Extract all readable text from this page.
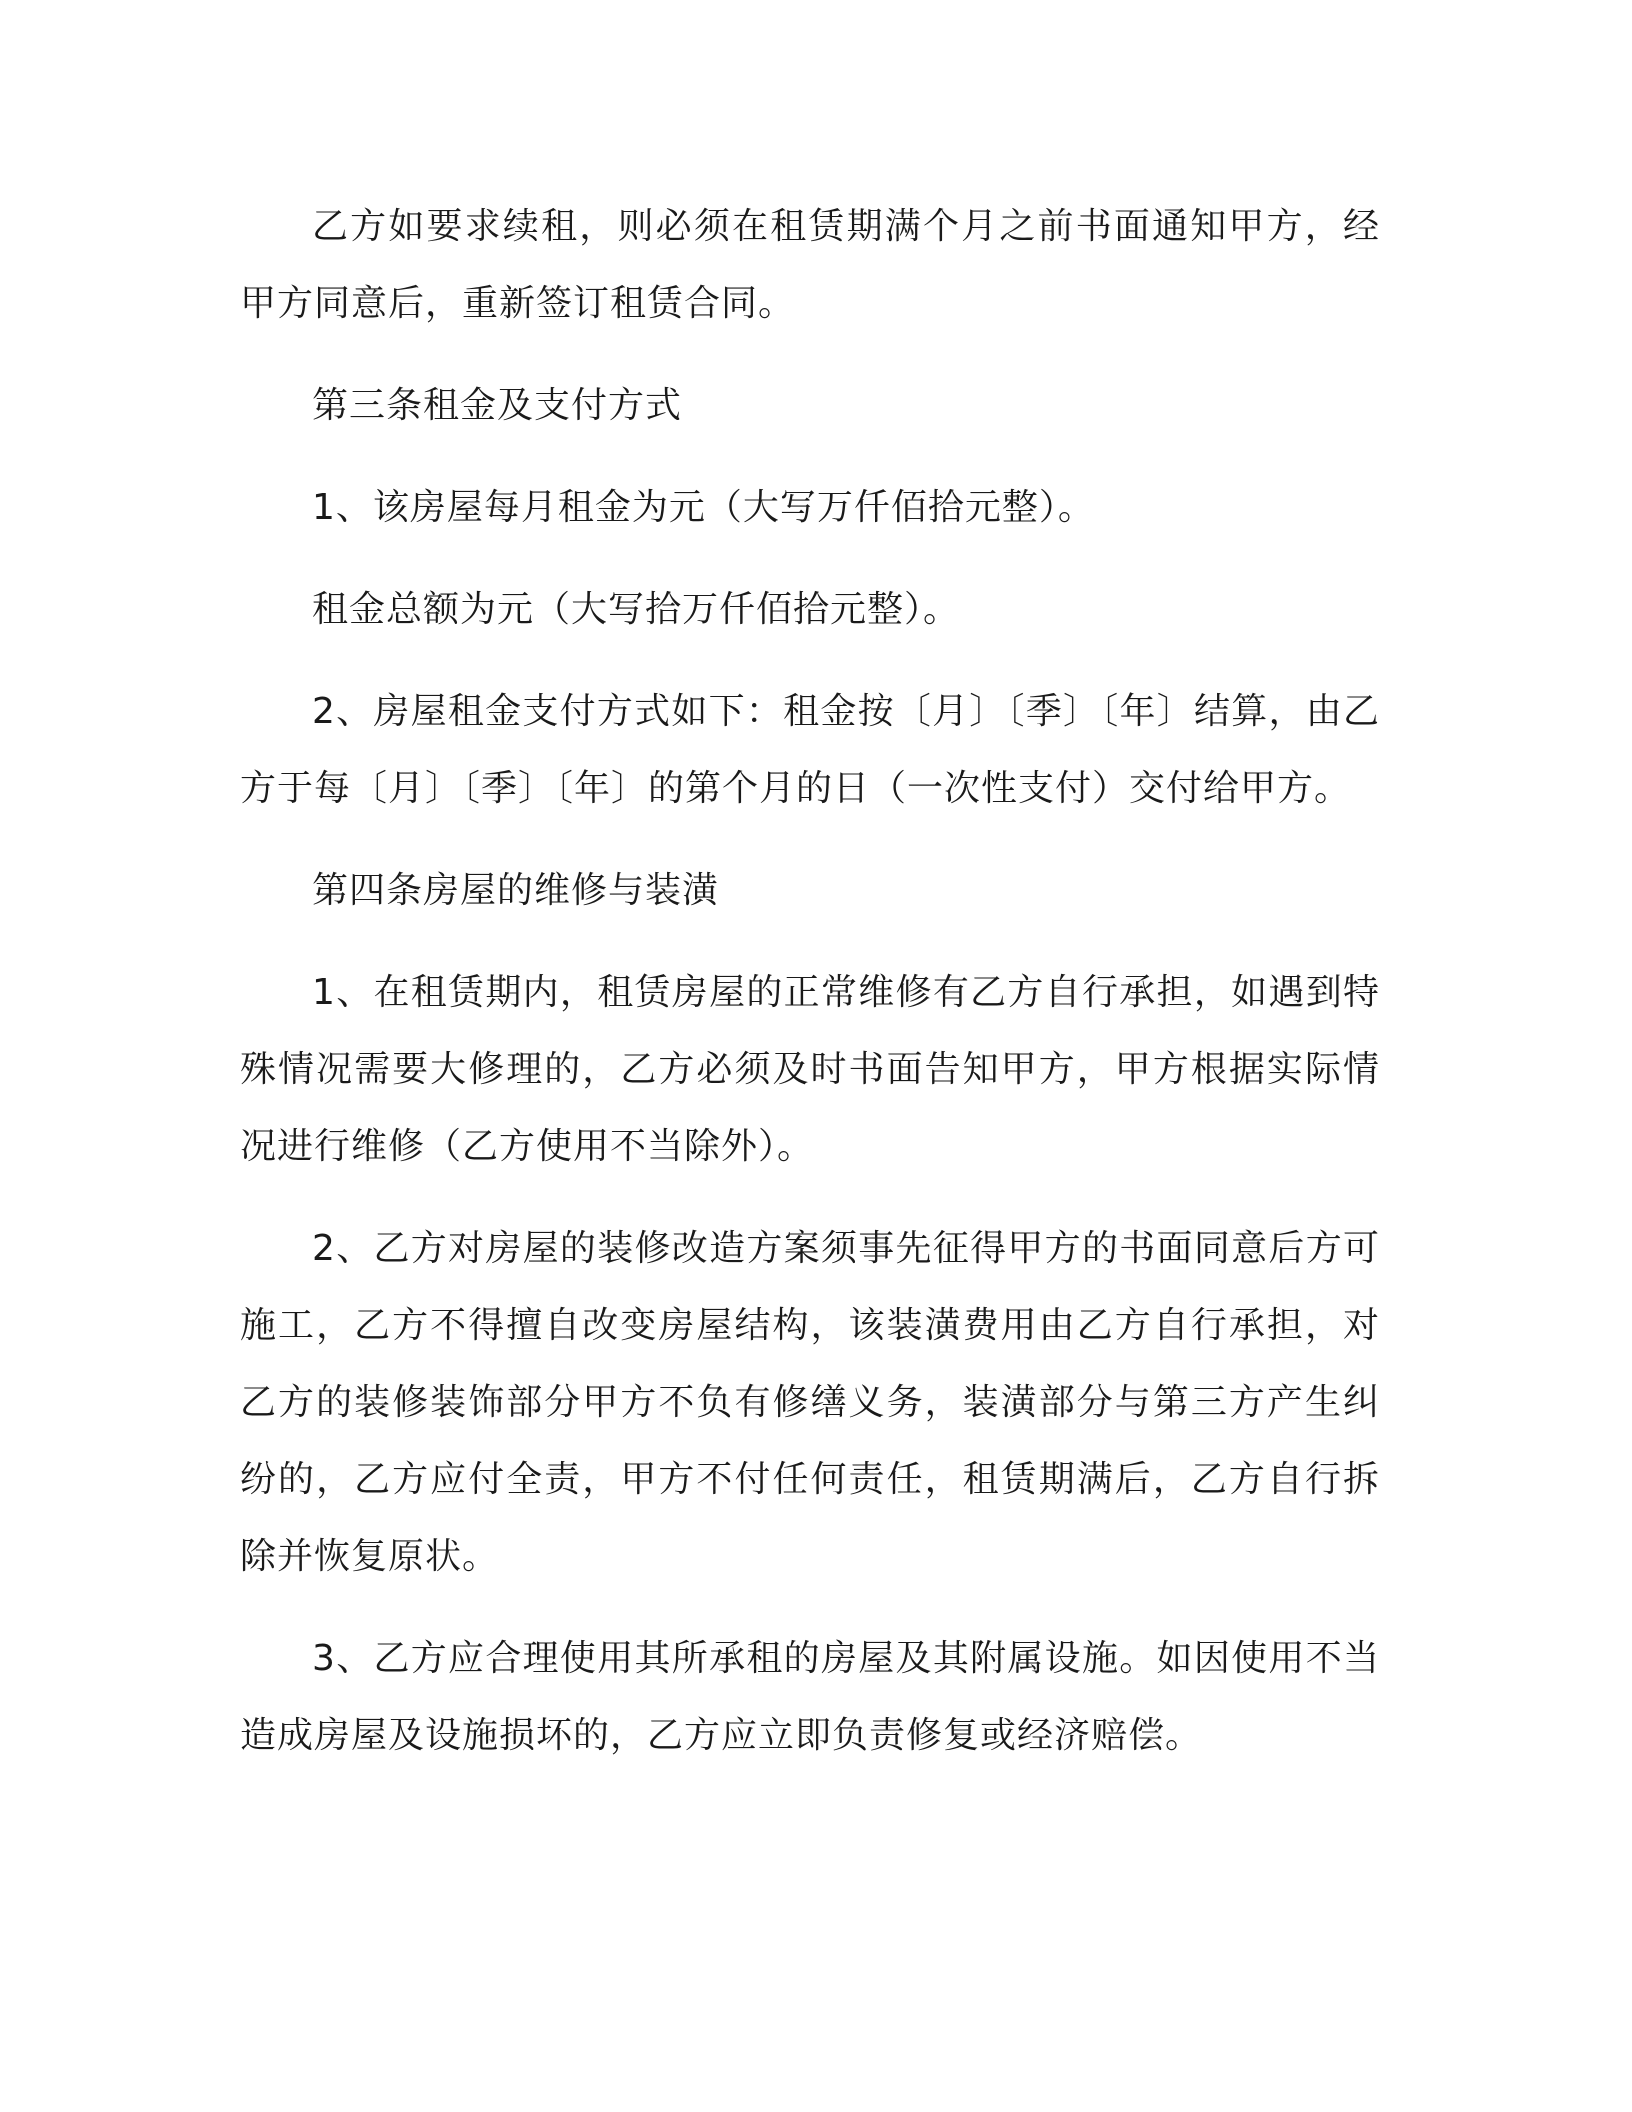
乙方如要求续租，则必须在租赁期满个月之前书面通知甲方，经甲方同意后，重新签订租赁合同。

第三条租金及支付方式

1、该房屋每月租金为元（大写万仟佰拾元整）。

租金总额为元（大写拾万仟佰拾元整）。

2、房屋租金支付方式如下：租金按〔月〕〔季〕〔年〕结算，由乙方于每〔月〕〔季〕〔年〕的第个月的日（一次性支付）交付给甲方。

第四条房屋的维修与装潢

1、在租赁期内，租赁房屋的正常维修有乙方自行承担，如遇到特殊情况需要大修理的，乙方必须及时书面告知甲方，甲方根据实际情况进行维修（乙方使用不当除外）。

2、乙方对房屋的装修改造方案须事先征得甲方的书面同意后方可施工，乙方不得擅自改变房屋结构，该装潢费用由乙方自行承担，对乙方的装修装饰部分甲方不负有修缮义务，装潢部分与第三方产生纠纷的，乙方应付全责，甲方不付任何责任，租赁期满后，乙方自行拆除并恢复原状。

3、乙方应合理使用其所承租的房屋及其附属设施。如因使用不当造成房屋及设施损坏的，乙方应立即负责修复或经济赔偿。
